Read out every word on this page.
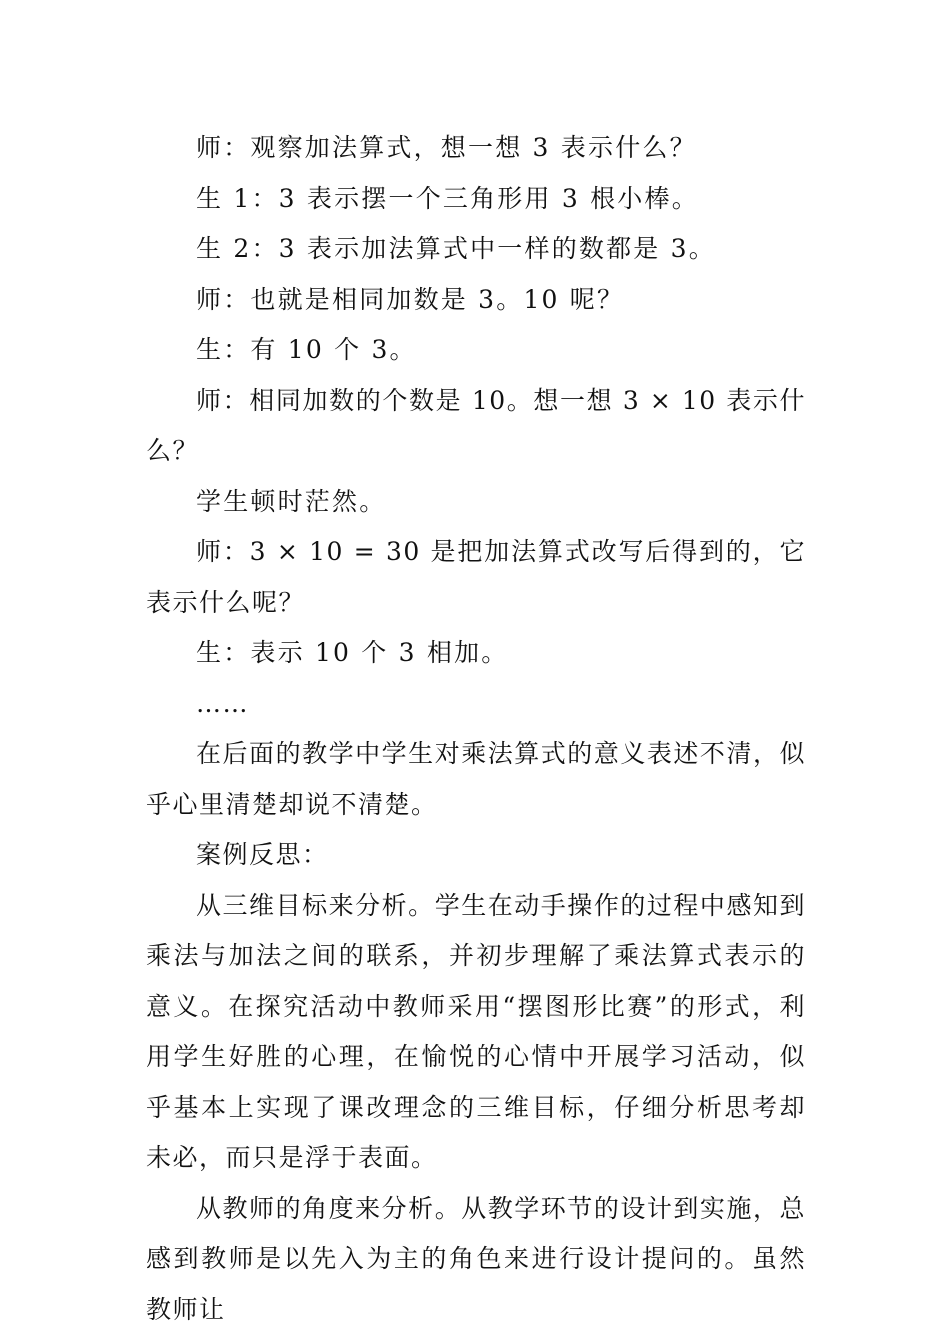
师：观察加法算式，想一想 3 表示什么？

生 1：3 表示摆一个三角形用 3 根小棒。

生 2：3 表示加法算式中一样的数都是 3。

师：也就是相同加数是 3。10 呢？

生：有 10 个 3。

师：相同加数的个数是 10。想一想 3 × 10 表示什么？

学生顿时茫然。

师：3 × 10 = 30 是把加法算式改写后得到的，它表示什么呢？

生：表示 10 个 3 相加。

……

在后面的教学中学生对乘法算式的意义表述不清，似乎心里清楚却说不清楚。

案例反思：

从三维目标来分析。学生在动手操作的过程中感知到乘法与加法之间的联系，并初步理解了乘法算式表示的意义。在探究活动中教师采用“摆图形比赛”的形式，利用学生好胜的心理，在愉悦的心情中开展学习活动，似乎基本上实现了课改理念的三维目标，仔细分析思考却未必，而只是浮于表面。

从教师的角度来分析。从教学环节的设计到实施，总感到教师是以先入为主的角色来进行设计提问的。虽然教师让
